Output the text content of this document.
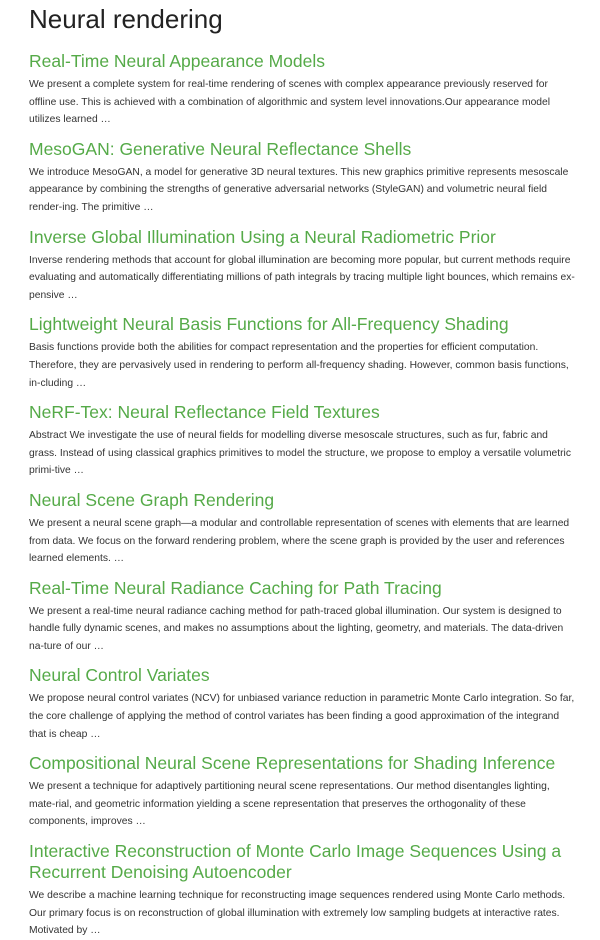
Neural rendering
Real-Time Neural Appearance Models

We present a complete system for real-time rendering of scenes with complex appearance previously reserved for offline use. This is achieved with a combination of algorithmic and system level innovations.Our appearance model utilizes learned …

MesoGAN: Generative Neural Reflectance Shells

We introduce MesoGAN, a model for generative 3D neural textures. This new graphics primitive represents mesoscale appearance by combining the strengths of generative adversarial networks (StyleGAN) and volumetric neural field render-ing. The primitive …

Inverse Global Illumination Using a Neural Radiometric Prior

Inverse rendering methods that account for global illumination are becoming more popular, but current methods require evaluating and automatically differentiating millions of path integrals by tracing multiple light bounces, which remains ex-pensive …

Lightweight Neural Basis Functions for All-Frequency Shading

Basis functions provide both the abilities for compact representation and the properties for efficient computation. Therefore, they are pervasively used in rendering to perform all-frequency shading. However, common basis functions, in-cluding …

NeRF-Tex: Neural Reflectance Field Textures

Abstract We investigate the use of neural fields for modelling diverse mesoscale structures, such as fur, fabric and grass. Instead of using classical graphics primitives to model the structure, we propose to employ a versatile volumetric primi-tive …

Neural Scene Graph Rendering

We present a neural scene graph—a modular and controllable representation of scenes with elements that are learned from data. We focus on the forward rendering problem, where the scene graph is provided by the user and references learned elements. …

Real-Time Neural Radiance Caching for Path Tracing

We present a real-time neural radiance caching method for path-traced global illumination. Our system is designed to handle fully dynamic scenes, and makes no assumptions about the lighting, geometry, and materials. The data-driven na-ture of our …

Neural Control Variates

We propose neural control variates (NCV) for unbiased variance reduction in parametric Monte Carlo integration. So far, the core challenge of applying the method of control variates has been finding a good approximation of the integrand that is cheap …

Compositional Neural Scene Representations for Shading Inference

We present a technique for adaptively partitioning neural scene representations. Our method disentangles lighting, mate-rial, and geometric information yielding a scene representation that preserves the orthogonality of these components, improves …

Interactive Reconstruction of Monte Carlo Image Sequences Using a Recurrent Denoising Autoencoder

We describe a machine learning technique for reconstructing image sequences rendered using Monte Carlo methods. Our primary focus is on reconstruction of global illumination with extremely low sampling budgets at interactive rates. Motivated by …
